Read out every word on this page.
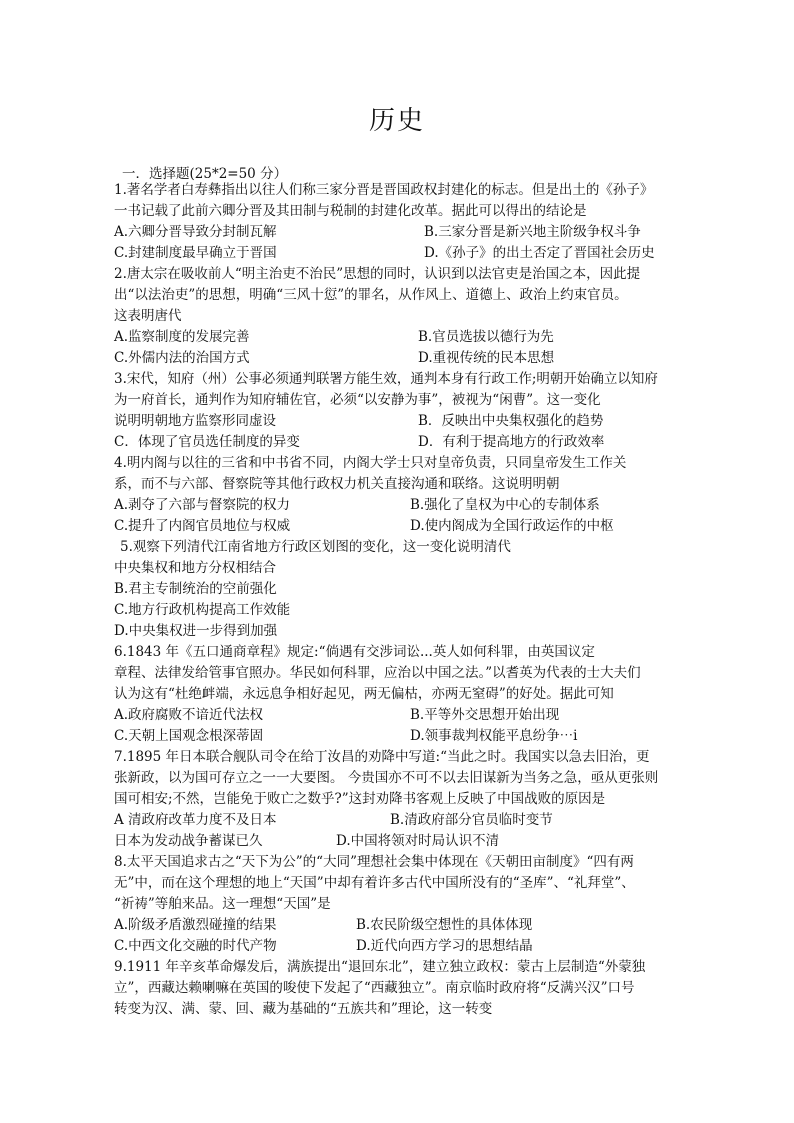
历史
一．选择题(25*2=50 分）
1.著名学者白寿彝指出以往人们称三家分晋是晋国政权封建化的标志。但是出土的《孙子》
一书记载了此前六卿分晋及其田制与税制的封建化改革。据此可以得出的结论是
A.六卿分晋导致分封制瓦解	B.三家分晋是新兴地主阶级争权斗争
C.封建制度最早确立于晋国	D.《孙子》的出土否定了晋国社会历史
2.唐太宗在吸收前人“明主治吏不治民”思想的同时，认识到以法官吏是治国之本，因此提
出“以法治吏”的思想，明确“三风十愆”的罪名，从作风上、道德上、政治上约束官员。
这表明唐代
A.监察制度的发展完善	B.官员选拔以德行为先
C.外儒内法的治国方式	D.重视传统的民本思想
3.宋代，知府（州）公事必须通判联署方能生效，通判本身有行政工作;明朝开始确立以知府
为一府首长，通判作为知府辅佐官，必须“以安静为事”，被视为“闲曹”。这一变化
说明明朝地方监察形同虚设	B．反映出中央集权强化的趋势
C．体现了官员选任制度的异变	D．有利于提高地方的行政效率
4.明内阁与以往的三省和中书省不同，内阁大学士只对皇帝负责，只同皇帝发生工作关
系，而不与六部、督察院等其他行政权力机关直接沟通和联络。这说明明朝
A.剥夺了六部与督察院的权力	B.强化了皇权为中心的专制体系
C.提升了内阁官员地位与权威	D.使内阁成为全国行政运作的中枢
5.观察下列清代江南省地方行政区划图的变化，这一变化说明清代
中央集权和地方分权相结合
B.君主专制统治的空前强化
C.地方行政机构提高工作效能
D.中央集权进一步得到加强
6.1843 年《五口通商章程》规定:“倘遇有交涉词讼...英人如何科罪，由英国议定
章程、法律发给管事官照办。华民如何科罪，应治以中国之法。”以耆英为代表的士大夫们
认为这有“杜绝衅端，永远息争相好起见，两无偏枯，亦两无窒碍”的好处。据此可知
A.政府腐败不谙近代法权	B.平等外交思想开始出现
C.天朝上国观念根深蒂固	D.领事裁判权能平息纷争⋯i
7.1895 年日本联合舰队司令在给丁汝昌的劝降中写道:“当此之时。我国实以急去旧治，更
张新政，以为国可存立之一一大要图。 今贵国亦不可不以去旧谋新为当务之急，亟从更张则
国可相安;不然，岂能免于败亡之数乎?”这封劝降书客观上反映了中国战败的原因是
A 清政府改革力度不及日本	B.清政府部分官员临时变节
日本为发动战争蓄谋已久	D.中国将领对时局认识不清
8.太平天国追求古之“天下为公”的“大同”理想社会集中体现在《天朝田亩制度》“四有两
无”中，而在这个理想的地上“天国”中却有着许多古代中国所没有的“圣库”、“礼拜堂”、
“祈祷”等舶来品。这一理想“天国”是
A.阶级矛盾激烈碰撞的结果	B.农民阶级空想性的具体体现
C.中西文化交融的时代产物	D.近代向西方学习的思想结晶
9.1911 年辛亥革命爆发后，满族提出“退回东北”，建立独立政权：蒙古上层制造“外蒙独
立”，西藏达赖喇嘛在英国的唆使下发起了“西藏独立”。南京临时政府将“反满兴汉”口号
转变为汉、满、蒙、回、藏为基础的“五族共和”理论，这一转变
